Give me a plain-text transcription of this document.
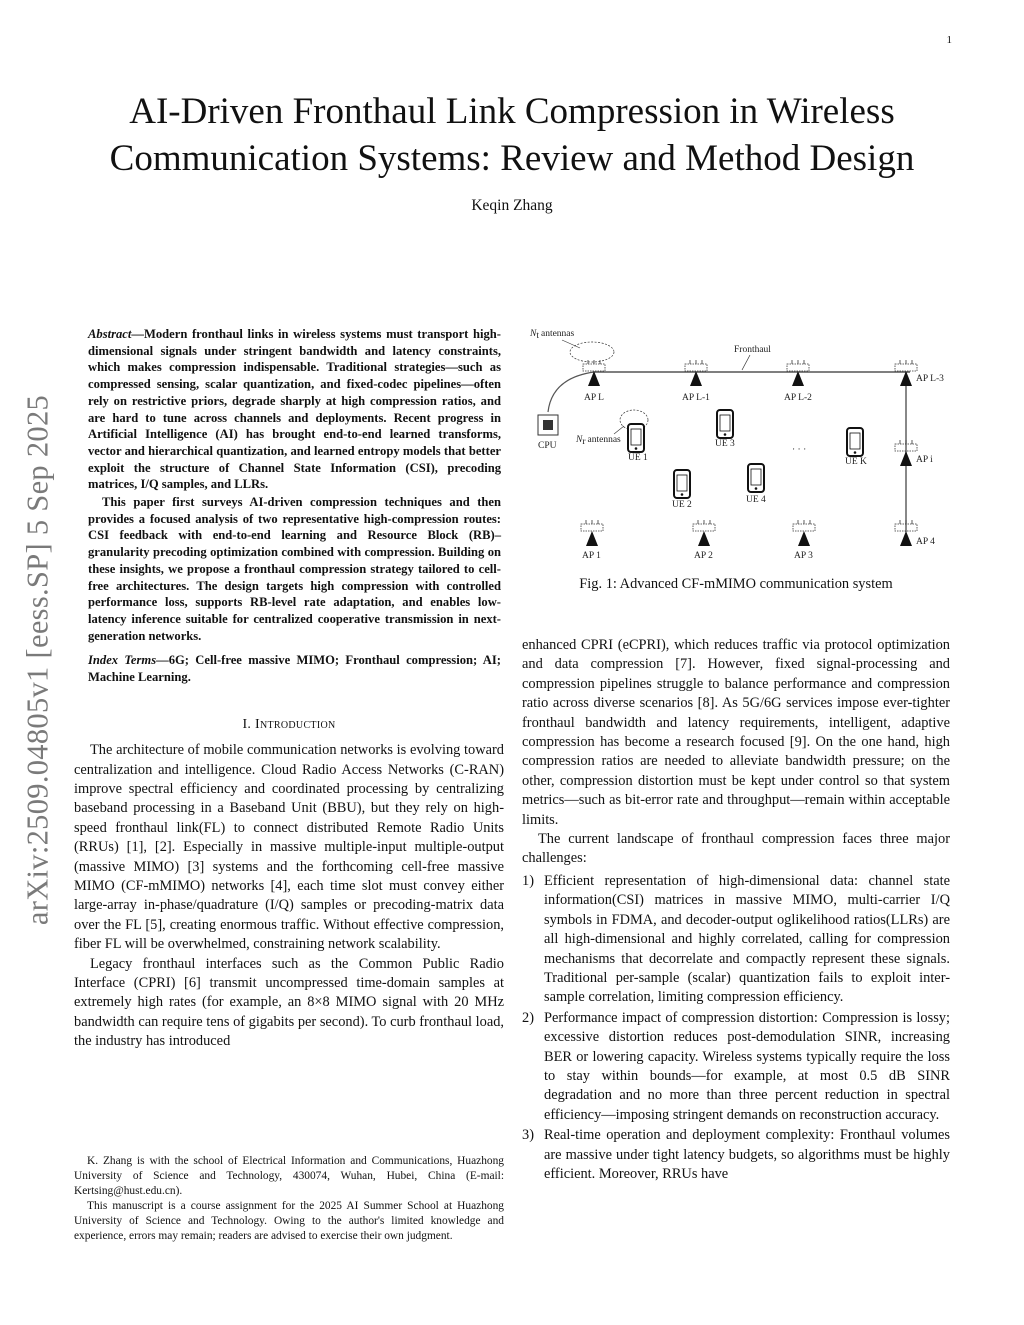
1
arXiv:2509.04805v1 [eess.SP] 5 Sep 2025
AI-Driven Fronthaul Link Compression in Wireless Communication Systems: Review and Method Design
Keqin Zhang

Abstract—Modern fronthaul links in wireless systems must transport high-dimensional signals under stringent bandwidth and latency constraints, which makes compression indispensable. Traditional strategies—such as compressed sensing, scalar quantization, and fixed-codec pipelines—often rely on restrictive priors, degrade sharply at high compression ratios, and are hard to tune across channels and deployments. Recent progress in Artificial Intelligence (AI) has brought end-to-end learned transforms, vector and hierarchical quantization, and learned entropy models that better exploit the structure of Channel State Information (CSI), precoding matrices, I/Q samples, and LLRs.

This paper first surveys AI-driven compression techniques and then provides a focused analysis of two representative high-compression routes: CSI feedback with end-to-end learning and Resource Block (RB)–granularity precoding optimization combined with compression. Building on these insights, we propose a fronthaul compression strategy tailored to cell-free architectures. The design targets high compression with controlled performance loss, supports RB-level rate adaptation, and enables low-latency inference suitable for centralized cooperative transmission in next-generation networks.

Index Terms—6G; Cell-free massive MIMO; Fronthaul compression; AI; Machine Learning.
I. Introduction

The architecture of mobile communication networks is evolving toward centralization and intelligence. Cloud Radio Access Networks (C-RAN) improve spectral efficiency and coordinated processing by centralizing baseband processing in a Baseband Unit (BBU), but they rely on high-speed fronthaul link(FL) to connect distributed Remote Radio Units (RRUs) [1], [2]. Especially in massive multiple-input multiple-output (massive MIMO) [3] systems and the forthcoming cell-free massive MIMO (CF-mMIMO) networks [4], each time slot must convey either large-array in-phase/quadrature (I/Q) samples or precoding-matrix data over the FL [5], creating enormous traffic. Without effective compression, fiber FL will be overwhelmed, constraining network scalability.

Legacy fronthaul interfaces such as the Common Public Radio Interface (CPRI) [6] transmit uncompressed time-domain samples at extremely high rates (for example, an 8×8 MIMO signal with 20 MHz bandwidth can require tens of gigabits per second). To curb fronthaul load, the industry has introduced

K. Zhang is with the school of Electrical Information and Communications, Huazhong University of Science and Technology, 430074, Wuhan, Hubei, China (E-mail: Kertsing@hust.edu.cn).

This manuscript is a course assignment for the 2025 AI Summer School at Huazhong University of Science and Technology. Owing to the author's limited knowledge and experience, errors may remain; readers are advised to exercise their own judgment.

Fronthaul
CPU
Nt antennas
AP L	AP L-1	AP L-2
AP L-3
Nr antennas
UE 1
UE 3
UE 2	UE 4
UE K
· · ·
AP i
AP 1	AP 2	AP 3
AP 4
Fig. 1: Advanced CF-mMIMO communication system

enhanced CPRI (eCPRI), which reduces traffic via protocol optimization and data compression [7]. However, fixed signal-processing and compression pipelines struggle to balance performance and compression ratio across diverse scenarios [8]. As 5G/6G services impose ever-tighter fronthaul bandwidth and latency requirements, intelligent, adaptive compression has become a research focused [9]. On the one hand, high compression ratios are needed to alleviate bandwidth pressure; on the other, compression distortion must be kept under control so that system metrics—such as bit-error rate and throughput—remain within acceptable limits.

The current landscape of fronthaul compression faces three major challenges:

1) Efficient representation of high-dimensional data: channel state information(CSI) matrices in massive MIMO, multi-carrier I/Q symbols in FDMA, and decoder-output oglikelihood ratios(LLRs) are all high-dimensional and highly correlated, calling for compression mechanisms that decorrelate and compactly represent these signals. Traditional per-sample (scalar) quantization fails to exploit inter-sample correlation, limiting compression efficiency.
2) Performance impact of compression distortion: Compression is lossy; excessive distortion reduces post-demodulation SINR, increasing BER or lowering capacity. Wireless systems typically require the loss to stay within bounds—for example, at most 0.5 dB SINR degradation and no more than three percent reduction in spectral efficiency—imposing stringent demands on reconstruction accuracy.
3) Real-time operation and deployment complexity: Fronthaul volumes are massive under tight latency budgets, so algorithms must be highly efficient. Moreover, RRUs have
